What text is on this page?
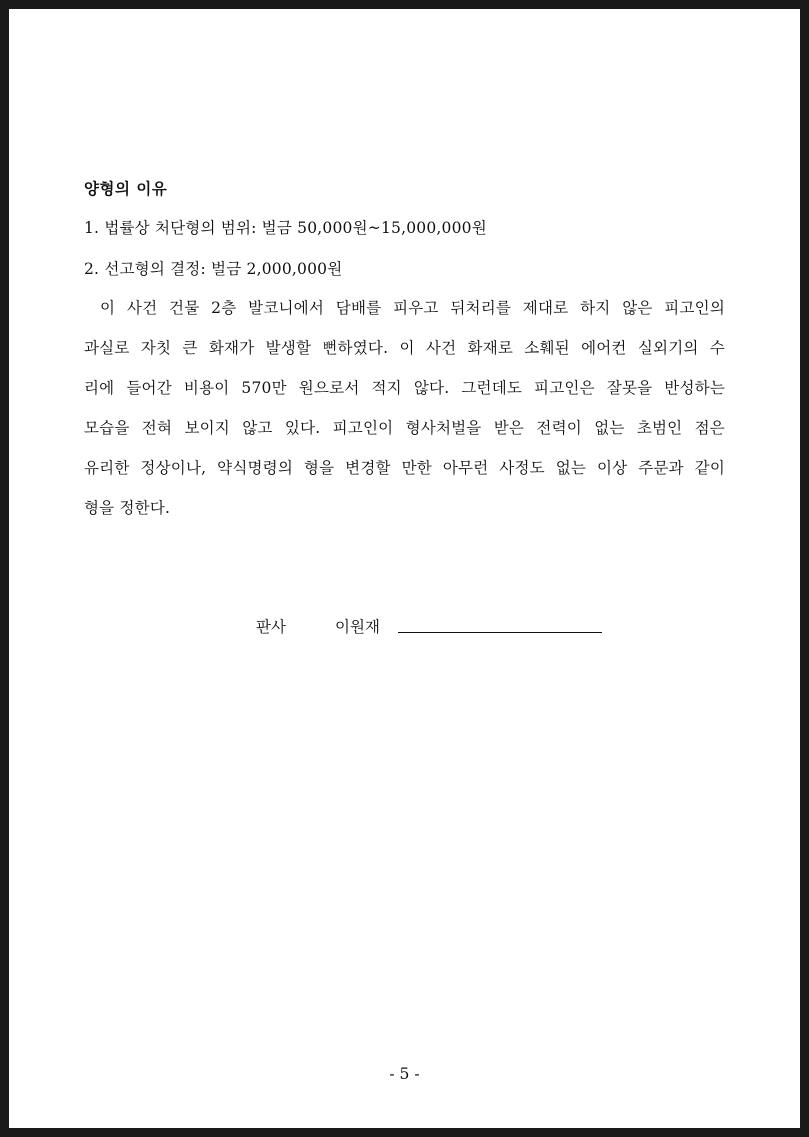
양형의 이유
1. 법률상 처단형의 범위: 벌금 50,000원~15,000,000원
2. 선고형의 결정: 벌금 2,000,000원
이 사건 건물 2층 발코니에서 담배를 피우고 뒤처리를 제대로 하지 않은 피고인의
과실로 자칫 큰 화재가 발생할 뻔하였다. 이 사건 화재로 소훼된 에어컨 실외기의 수
리에 들어간 비용이 570만 원으로서 적지 않다. 그런데도 피고인은 잘못을 반성하는
모습을 전혀 보이지 않고 있다. 피고인이 형사처벌을 받은 전력이 없는 초범인 점은
유리한 정상이나, 약식명령의 형을 변경할 만한 아무런 사정도 없는 이상 주문과 같이
형을 정한다.
판사	이원재
- 5 -
